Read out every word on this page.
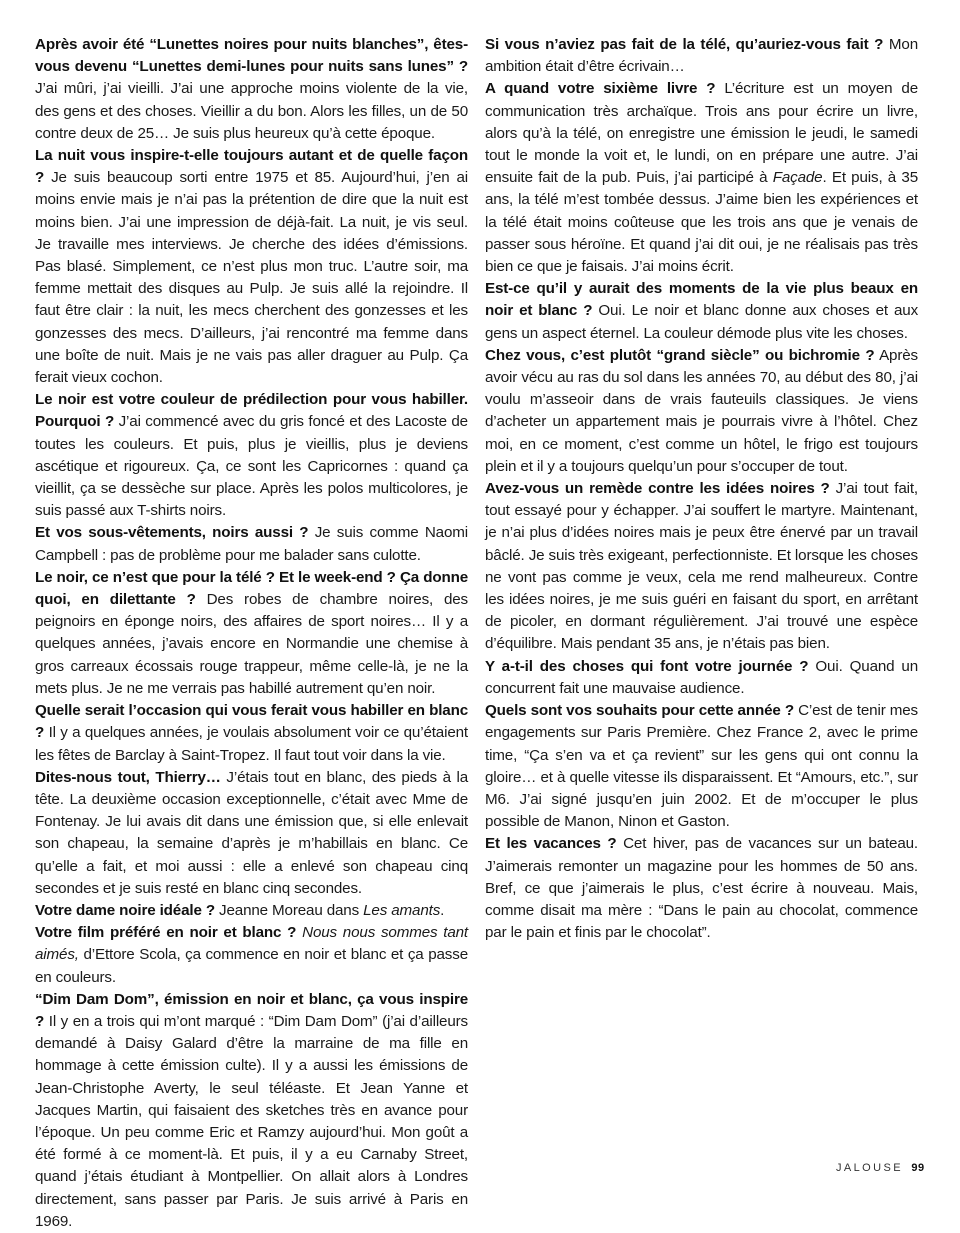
Après avoir été “Lunettes noires pour nuits blanches”, êtes-vous devenu “Lunettes demi-lunes pour nuits sans lunes” ? J’ai mûri, j’ai vieilli. J’ai une approche moins violente de la vie, des gens et des choses. Vieillir a du bon. Alors les filles, un de 50 contre deux de 25… Je suis plus heureux qu’à cette époque.

La nuit vous inspire-t-elle toujours autant et de quelle façon ? Je suis beaucoup sorti entre 1975 et 85. Aujourd’hui, j’en ai moins envie mais je n’ai pas la prétention de dire que la nuit est moins bien. J’ai une impression de déjà-fait. La nuit, je vis seul. Je travaille mes interviews. Je cherche des idées d’émissions. Pas blasé. Simplement, ce n’est plus mon truc. L’autre soir, ma femme mettait des disques au Pulp. Je suis allé la rejoindre. Il faut être clair : la nuit, les mecs cherchent des gonzesses et les gonzesses des mecs. D’ailleurs, j’ai rencontré ma femme dans une boîte de nuit. Mais je ne vais pas aller draguer au Pulp. Ça ferait vieux cochon.

Le noir est votre couleur de prédilection pour vous habiller. Pourquoi ? J’ai commencé avec du gris foncé et des Lacoste de toutes les couleurs. Et puis, plus je vieillis, plus je deviens ascétique et rigoureux. Ça, ce sont les Capricornes : quand ça vieillit, ça se dessèche sur place. Après les polos multicolores, je suis passé aux T-shirts noirs.

Et vos sous-vêtements, noirs aussi ? Je suis comme Naomi Campbell : pas de problème pour me balader sans culotte.

Le noir, ce n’est que pour la télé ? Et le week-end ? Ça donne quoi, en dilettante ? Des robes de chambre noires, des peignoirs en éponge noirs, des affaires de sport noires… Il y a quelques années, j’avais encore en Normandie une chemise à gros carreaux écossais rouge trappeur, même celle-là, je ne la mets plus. Je ne me verrais pas habillé autrement qu’en noir.

Quelle serait l’occasion qui vous ferait vous habiller en blanc ? Il y a quelques années, je voulais absolument voir ce qu’étaient les fêtes de Barclay à Saint-Tropez. Il faut tout voir dans la vie.

Dites-nous tout, Thierry… J’étais tout en blanc, des pieds à la tête. La deuxième occasion exceptionnelle, c’était avec Mme de Fontenay. Je lui avais dit dans une émission que, si elle enlevait son chapeau, la semaine d’après je m’habillais en blanc. Ce qu’elle a fait, et moi aussi : elle a enlevé son chapeau cinq secondes et je suis resté en blanc cinq secondes.

Votre dame noire idéale ? Jeanne Moreau dans Les amants.

Votre film préféré en noir et blanc ? Nous nous sommes tant aimés, d’Ettore Scola, ça commence en noir et blanc et ça passe en couleurs.

“Dim Dam Dom”, émission en noir et blanc, ça vous inspire ? Il y en a trois qui m’ont marqué : “Dim Dam Dom” (j’ai d’ailleurs demandé à Daisy Galard d’être la marraine de ma fille en hommage à cette émission culte). Il y a aussi les émissions de Jean-Christophe Averty, le seul téléaste. Et Jean Yanne et Jacques Martin, qui faisaient des sketches très en avance pour l’époque. Un peu comme Eric et Ramzy aujourd’hui. Mon goût a été formé à ce moment-là. Et puis, il y a eu Carnaby Street, quand j’étais étudiant à Montpellier. On allait alors à Londres directement, sans passer par Paris. Je suis arrivé à Paris en 1969.

Si vous n’aviez pas fait de la télé, qu’auriez-vous fait ? Mon ambition était d’être écrivain…

A quand votre sixième livre ? L’écriture est un moyen de communication très archaïque. Trois ans pour écrire un livre, alors qu’à la télé, on enregistre une émission le jeudi, le samedi tout le monde la voit et, le lundi, on en prépare une autre. J’ai ensuite fait de la pub. Puis, j’ai participé à Façade. Et puis, à 35 ans, la télé m’est tombée dessus. J’aime bien les expériences et la télé était moins coûteuse que les trois ans que je venais de passer sous héroïne. Et quand j’ai dit oui, je ne réalisais pas très bien ce que je faisais. J’ai moins écrit.

Est-ce qu’il y aurait des moments de la vie plus beaux en noir et blanc ? Oui. Le noir et blanc donne aux choses et aux gens un aspect éternel. La couleur démode plus vite les choses.

Chez vous, c’est plutôt “grand siècle” ou bichromie ? Après avoir vécu au ras du sol dans les années 70, au début des 80, j’ai voulu m’asseoir dans de vrais fauteuils classiques. Je viens d’acheter un appartement mais je pourrais vivre à l’hôtel. Chez moi, en ce moment, c’est comme un hôtel, le frigo est toujours plein et il y a toujours quelqu’un pour s’occuper de tout.

Avez-vous un remède contre les idées noires ? J’ai tout fait, tout essayé pour y échapper. J’ai souffert le martyre. Maintenant, je n’ai plus d’idées noires mais je peux être énervé par un travail bâclé. Je suis très exigeant, perfectionniste. Et lorsque les choses ne vont pas comme je veux, cela me rend malheureux. Contre les idées noires, je me suis guéri en faisant du sport, en arrêtant de picoler, en dormant régulièrement. J’ai trouvé une espèce d’équilibre. Mais pendant 35 ans, je n’étais pas bien.

Y a-t-il des choses qui font votre journée ? Oui. Quand un concurrent fait une mauvaise audience.

Quels sont vos souhaits pour cette année ? C’est de tenir mes engagements sur Paris Première. Chez France 2, avec le prime time, “Ça s’en va et ça revient” sur les gens qui ont connu la gloire… et à quelle vitesse ils disparaissent. Et “Amours, etc.”, sur M6. J’ai signé jusqu’en juin 2002. Et de m’occuper le plus possible de Manon, Ninon et Gaston.

Et les vacances ? Cet hiver, pas de vacances sur un bateau. J’aimerais remonter un magazine pour les hommes de 50 ans. Bref, ce que j’aimerais le plus, c’est écrire à nouveau. Mais, comme disait ma mère : “Dans le pain au chocolat, commence par le pain et finis par le chocolat”.

JALOUSE 99
